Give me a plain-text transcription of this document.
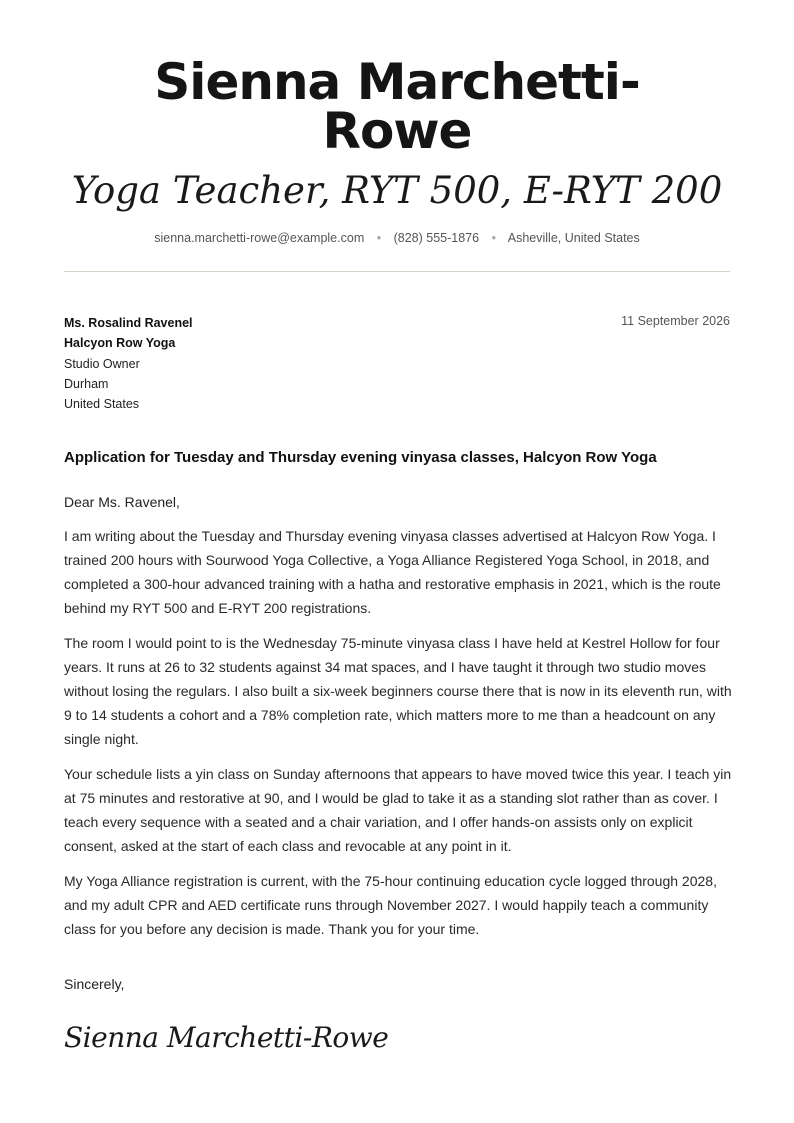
Sienna Marchetti-
Rowe
Yoga Teacher, RYT 500, E-RYT 200
sienna.marchetti-rowe@example.com • (828) 555-1876 • Asheville, United States
Ms. Rosalind Ravenel
Halcyon Row Yoga
Studio Owner
Durham
United States
11 September 2026
Application for Tuesday and Thursday evening vinyasa classes, Halcyon Row Yoga
Dear Ms. Ravenel,

I am writing about the Tuesday and Thursday evening vinyasa classes advertised at Halcyon Row Yoga. I trained 200 hours with Sourwood Yoga Collective, a Yoga Alliance Registered Yoga School, in 2018, and completed a 300-hour advanced training with a hatha and restorative emphasis in 2021, which is the route behind my RYT 500 and E-RYT 200 registrations.

The room I would point to is the Wednesday 75-minute vinyasa class I have held at Kestrel Hollow for four years. It runs at 26 to 32 students against 34 mat spaces, and I have taught it through two studio moves without losing the regulars. I also built a six-week beginners course there that is now in its eleventh run, with 9 to 14 students a cohort and a 78% completion rate, which matters more to me than a headcount on any single night.

Your schedule lists a yin class on Sunday afternoons that appears to have moved twice this year. I teach yin at 75 minutes and restorative at 90, and I would be glad to take it as a standing slot rather than as cover. I teach every sequence with a seated and a chair variation, and I offer hands-on assists only on explicit consent, asked at the start of each class and revocable at any point in it.

My Yoga Alliance registration is current, with the 75-hour continuing education cycle logged through 2028, and my adult CPR and AED certificate runs through November 2027. I would happily teach a community class for you before any decision is made. Thank you for your time.

Sincerely,
Sienna Marchetti-Rowe
